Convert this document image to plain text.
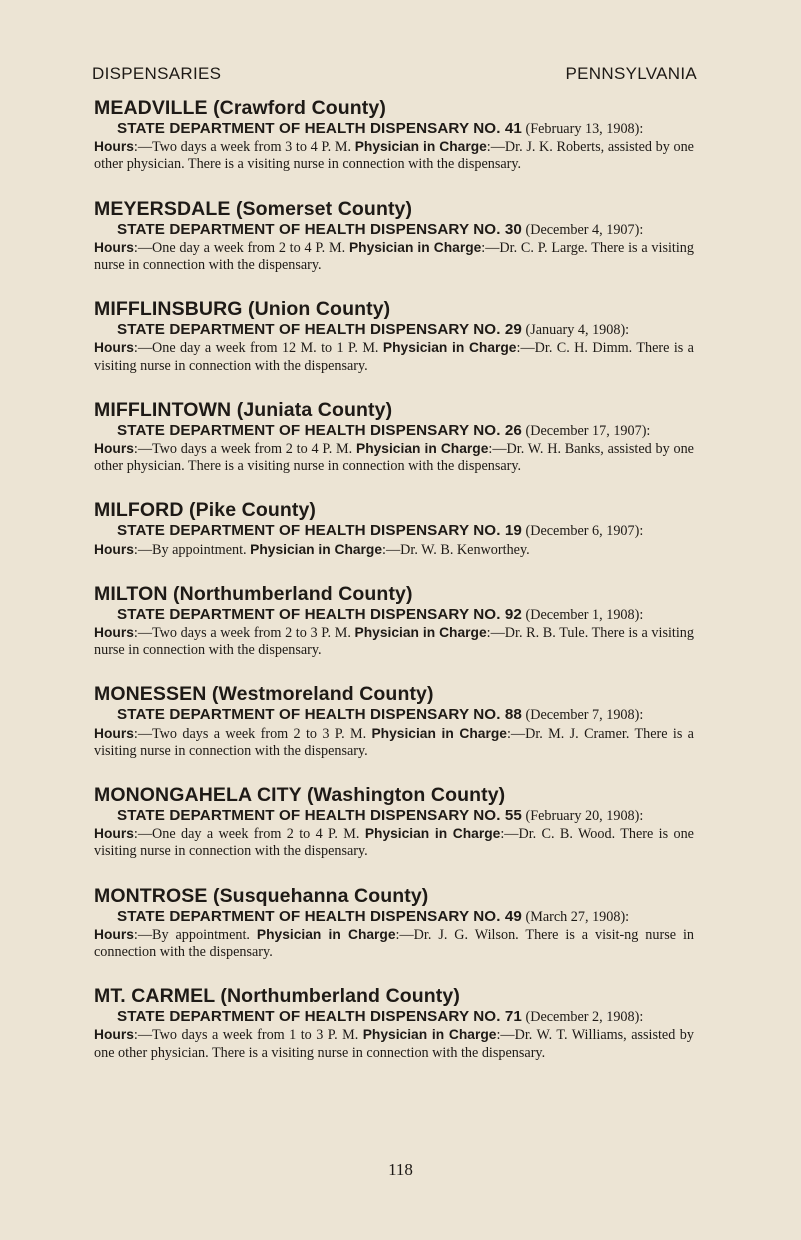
DISPENSARIES	PENNSYLVANIA
MEADVILLE (Crawford County)

STATE DEPARTMENT OF HEALTH DISPENSARY NO. 41 (February 13, 1908):
Hours:—Two days a week from 3 to 4 P. M. Physician in Charge:—Dr. J. K. Roberts, assisted by one other physician. There is a visiting nurse in connection with the dispensary.

MEYERSDALE (Somerset County)

STATE DEPARTMENT OF HEALTH DISPENSARY NO. 30 (December 4, 1907):
Hours:—One day a week from 2 to 4 P. M. Physician in Charge:—Dr. C. P. Large. There is a visiting nurse in connection with the dispensary.

MIFFLINSBURG (Union County)

STATE DEPARTMENT OF HEALTH DISPENSARY NO. 29 (January 4, 1908):
Hours:—One day a week from 12 M. to 1 P. M. Physician in Charge:—Dr. C. H. Dimm. There is a visiting nurse in connection with the dispensary.

MIFFLINTOWN (Juniata County)

STATE DEPARTMENT OF HEALTH DISPENSARY NO. 26 (December 17, 1907):
Hours:—Two days a week from 2 to 4 P. M. Physician in Charge:—Dr. W. H. Banks, assisted by one other physician. There is a visiting nurse in connection with the dispensary.

MILFORD (Pike County)

STATE DEPARTMENT OF HEALTH DISPENSARY NO. 19 (December 6, 1907):
Hours:—By appointment. Physician in Charge:—Dr. W. B. Kenworthey.

MILTON (Northumberland County)

STATE DEPARTMENT OF HEALTH DISPENSARY NO. 92 (December 1, 1908):
Hours:—Two days a week from 2 to 3 P. M. Physician in Charge:—Dr. R. B. Tule. There is a visiting nurse in connection with the dispensary.

MONESSEN (Westmoreland County)

STATE DEPARTMENT OF HEALTH DISPENSARY NO. 88 (December 7, 1908):
Hours:—Two days a week from 2 to 3 P. M. Physician in Charge:—Dr. M. J. Cramer. There is a visiting nurse in connection with the dispensary.

MONONGAHELA CITY (Washington County)

STATE DEPARTMENT OF HEALTH DISPENSARY NO. 55 (February 20, 1908):
Hours:—One day a week from 2 to 4 P. M. Physician in Charge:—Dr. C. B. Wood. There is one visiting nurse in connection with the dispensary.

MONTROSE (Susquehanna County)

STATE DEPARTMENT OF HEALTH DISPENSARY NO. 49 (March 27, 1908):
Hours:—By appointment. Physician in Charge:—Dr. J. G. Wilson. There is a visit-ng nurse in connection with the dispensary.

MT. CARMEL (Northumberland County)

STATE DEPARTMENT OF HEALTH DISPENSARY NO. 71 (December 2, 1908):
Hours:—Two days a week from 1 to 3 P. M. Physician in Charge:—Dr. W. T. Williams, assisted by one other physician. There is a visiting nurse in connection with the dispensary.

118
